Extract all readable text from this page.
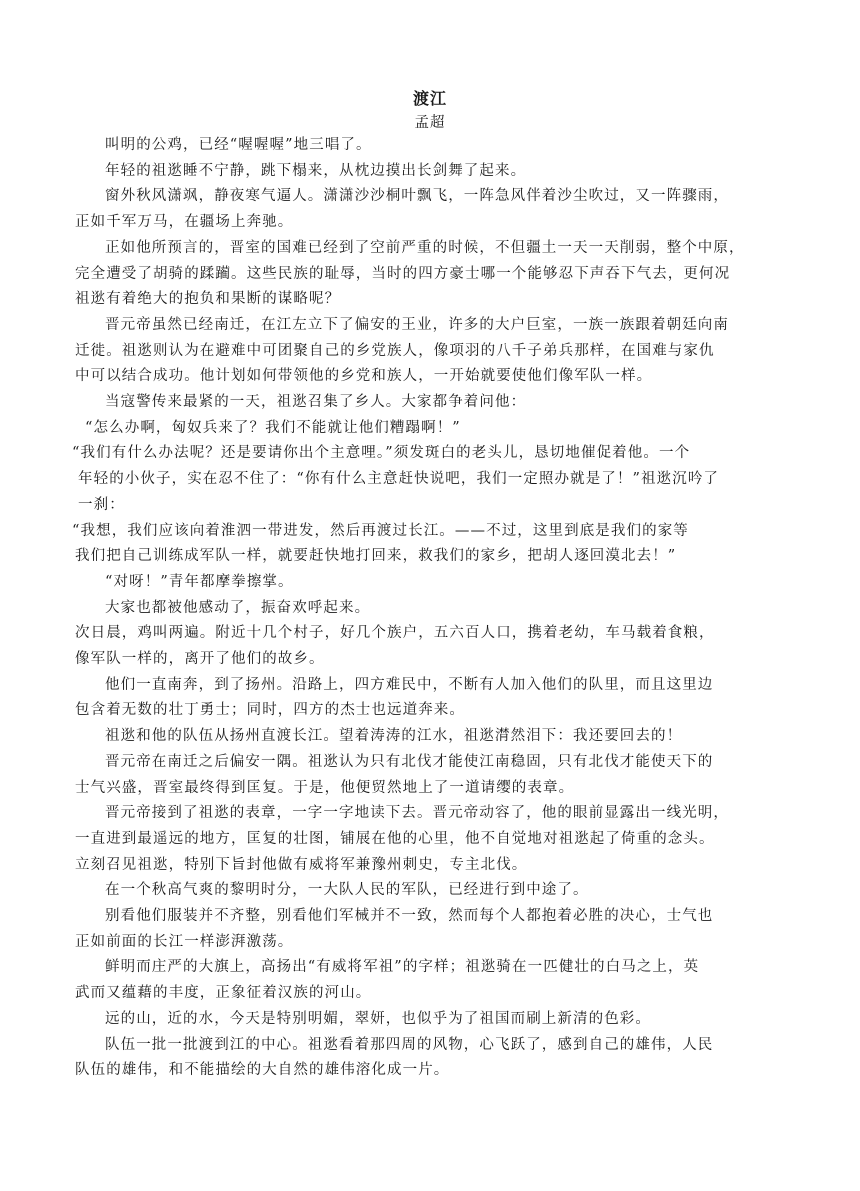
渡江
孟超
叫明的公鸡，已经“喔喔喔”地三唱了。
年轻的祖逖睡不宁静，跳下榻来，从枕边摸出长剑舞了起来。
窗外秋风潇飒，静夜寒气逼人。潇潇沙沙桐叶飘飞，一阵急风伴着沙尘吹过，又一阵骤雨，
正如千军万马，在疆场上奔驰。
正如他所预言的，晋室的国难已经到了空前严重的时候，不但疆土一天一天削弱，整个中原，
完全遭受了胡骑的蹂躏。这些民族的耻辱，当时的四方豪士哪一个能够忍下声吞下气去，更何况
祖逖有着绝大的抱负和果断的谋略呢？
晋元帝虽然已经南迁，在江左立下了偏安的王业，许多的大户巨室，一族一族跟着朝廷向南
迁徙。祖逖则认为在避难中可团聚自己的乡党族人，像项羽的八千子弟兵那样，在国难与家仇
中可以结合成功。他计划如何带领他的乡党和族人，一开始就要使他们像军队一样。
当寇警传来最紧的一天，祖逖召集了乡人。大家都争着问他：
“怎么办啊，匈奴兵来了？我们不能就让他们糟蹋啊！”
“我们有什么办法呢？还是要请你出个主意哩。”须发斑白的老头儿，恳切地催促着他。一个
年轻的小伙子，实在忍不住了：“你有什么主意赶快说吧，我们一定照办就是了！”祖逖沉吟了
一刹：
“我想，我们应该向着淮泗一带进发，然后再渡过长江。——不过，这里到底是我们的家等
我们把自己训练成军队一样，就要赶快地打回来，救我们的家乡，把胡人逐回漠北去！”
“对呀！”青年都摩拳擦掌。
大家也都被他感动了，振奋欢呼起来。
次日晨，鸡叫两遍。附近十几个村子，好几个族户，五六百人口，携着老幼，车马载着食粮，
像军队一样的，离开了他们的故乡。
他们一直南奔，到了扬州。沿路上，四方难民中，不断有人加入他们的队里，而且这里边
包含着无数的壮丁勇士；同时，四方的杰士也远道奔来。
祖逖和他的队伍从扬州直渡长江。望着涛涛的江水，祖逖潸然泪下：我还要回去的！
晋元帝在南迁之后偏安一隅。祖逖认为只有北伐才能使江南稳固，只有北伐才能使天下的
士气兴盛，晋室最终得到匡复。于是，他便贸然地上了一道请缨的表章。
晋元帝接到了祖逖的表章，一字一字地读下去。晋元帝动容了，他的眼前显露出一线光明，
一直进到最遥远的地方，匡复的壮图，铺展在他的心里，他不自觉地对祖逖起了倚重的念头。
立刻召见祖逖，特别下旨封他做有威将军兼豫州刺史，专主北伐。
在一个秋高气爽的黎明时分，一大队人民的军队，已经进行到中途了。
别看他们服装并不齐整，别看他们军械并不一致，然而每个人都抱着必胜的决心，士气也
正如前面的长江一样澎湃激荡。
鲜明而庄严的大旗上，高扬出“有威将军祖”的字样；祖逖骑在一匹健壮的白马之上，英
武而又蕴藉的丰度，正象征着汉族的河山。
远的山，近的水，今天是特别明媚，翠妍，也似乎为了祖国而刷上新清的色彩。
队伍一批一批渡到江的中心。祖逖看着那四周的风物，心飞跃了，感到自己的雄伟，人民
队伍的雄伟，和不能描绘的大自然的雄伟溶化成一片。
